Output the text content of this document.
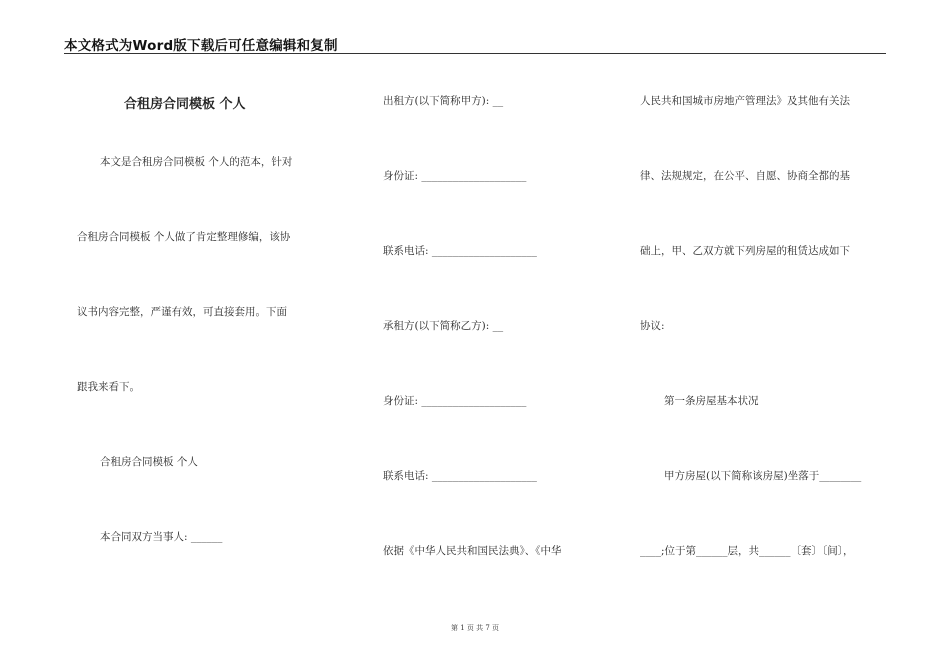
本文格式为Word版下载后可任意编辑和复制
合租房合同模板 个人
本文是合租房合同模板 个人的范本，针对
合租房合同模板 个人做了肯定整理修编，该协
议书内容完整，严谨有效，可直接套用。下面
跟我来看下。
合租房合同模板 个人
本合同双方当事人: ______
出租方(以下简称甲方): __
身份证: ____________________
联系电话: ____________________
承租方(以下简称乙方): __
身份证: ____________________
联系电话: ____________________
依据《中华人民共和国民法典》、《中华
人民共和国城市房地产管理法》及其他有关法
律、法规规定，在公平、自愿、协商全都的基
础上，甲、乙双方就下列房屋的租赁达成如下
协议:
第一条房屋基本状况
甲方房屋(以下简称该房屋)坐落于________
____;位于第______层，共______〔套〕〔间〕，
第 1 页 共 7 页
